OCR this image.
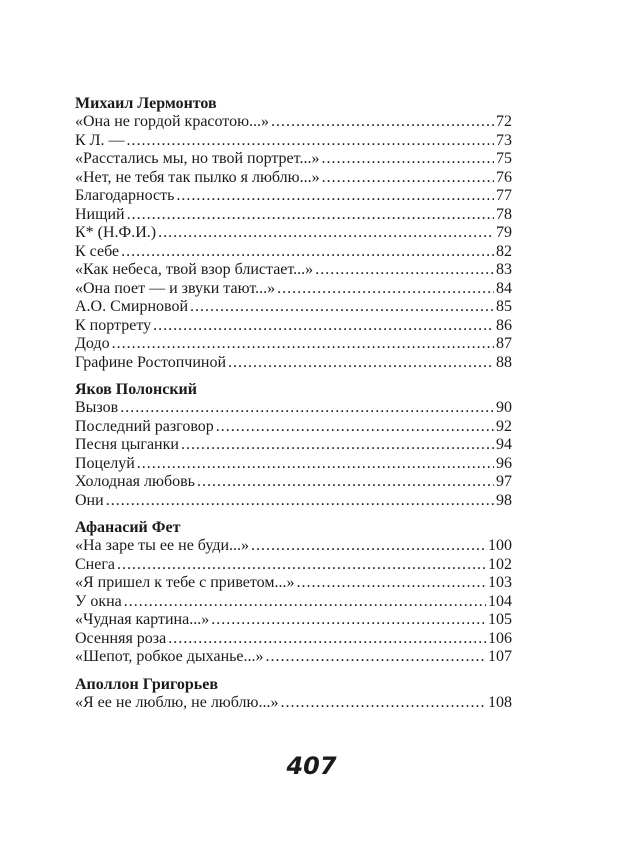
Михаил Лермонтов
«Она не гордой красотою...» . . .	72
К Л. — . . .	73
«Расстались мы, но твой портрет...» . . .	75
«Нет, не тебя так пылко я люблю...» . . .	76
Благодарность . . .	77
Нищий . . .	78
К* (Н.Ф.И.) . . .	79
К себе . . .	82
«Как небеса, твой взор блистает...» . . .	83
«Она поет — и звуки тают...» . . .	84
А.О. Смирновой . . .	85
К портрету . . .	86
Додо . . .	87
Графине Ростопчиной . . .	88
Яков Полонский
Вызов . . .	90
Последний разговор . . .	92
Песня цыганки . . .	94
Поцелуй . . .	96
Холодная любовь . . .	97
Они . . .	98
Афанасий Фет
«На заре ты ее не буди...» . . .	100
Снега . . .	102
«Я пришел к тебе с приветом...» . . .	103
У окна . . .	104
«Чудная картина...» . . .	105
Осенняя роза . . .	106
«Шепот, робкое дыханье...» . . .	107
Аполлон Григорьев
«Я ее не люблю, не люблю...» . . .	108
407
